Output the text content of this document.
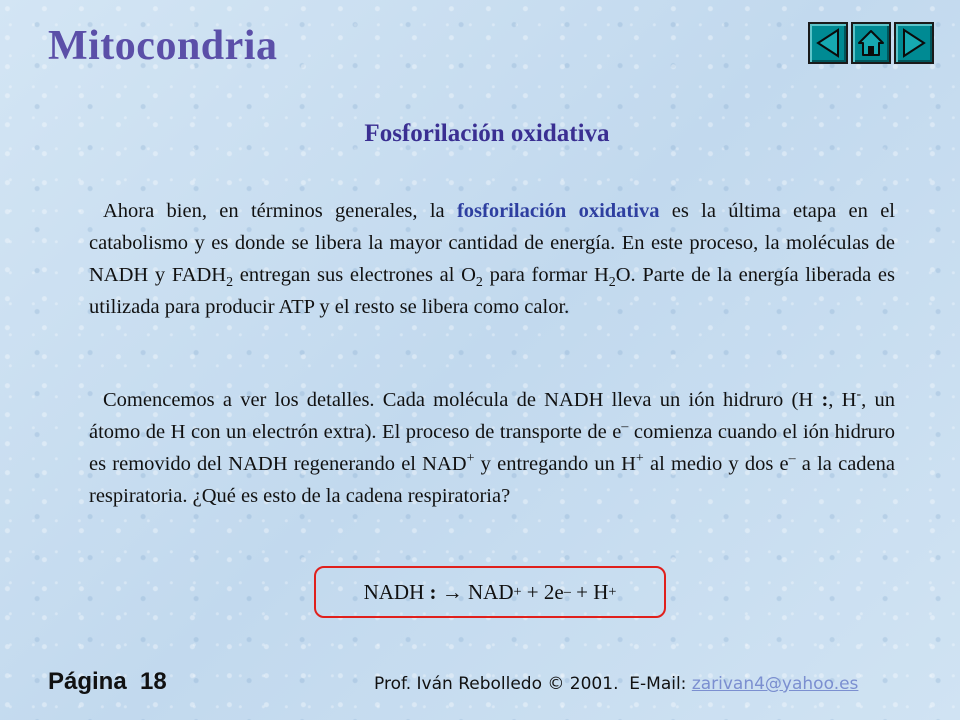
Mitocondria
Fosforilación oxidativa

Ahora bien, en términos generales, la fosforilación oxidativa es la última etapa en el catabolismo y es donde se libera la mayor cantidad de energía. En este proceso, la moléculas de NADH y $FADH_2$ entregan sus electrones al $O_2$ para formar $H_2O$. Parte de la energía liberada es utilizada para producir ATP y el resto se libera como calor.

Comencemos a ver los detalles. Cada molécula de NADH lleva un ión hidruro (H :, H-, un átomo de H con un electrón extra). El proceso de transporte de e– comienza cuando el ión hidruro es removido del NADH regenerando el NAD+ y entregando un H+ al medio y dos e– a la cadena respiratoria. ¿Qué es esto de la cadena respiratoria?

NADH : → NAD + + 2e – + H +

Página  18	Prof. Iván Rebolledo © 2001.  E-Mail: zarivan4@yahoo.es
